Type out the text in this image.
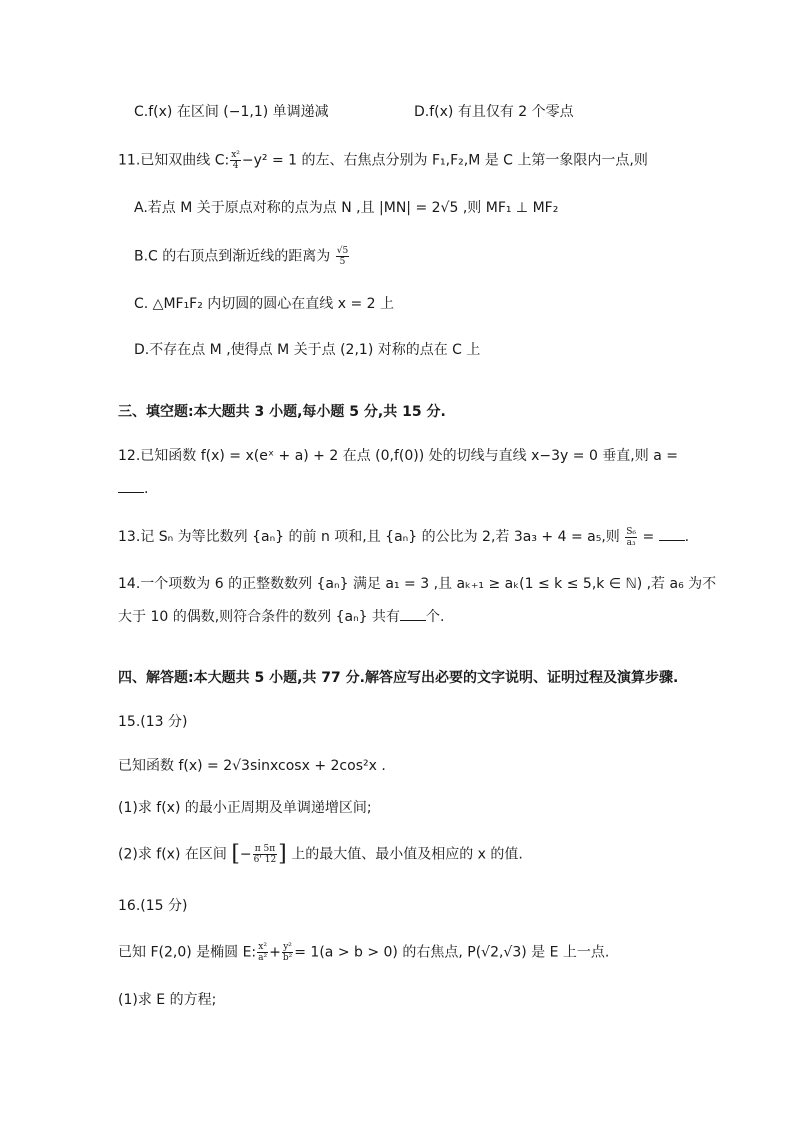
C.f(x) 在区间 (−1,1) 单调递减	D.f(x) 有且仅有 2 个零点
11.已知双曲线 C: $\frac{\text{x²}}{4} -y^2 = 1$ 的左、右焦点分别为 F₁,F₂,M 是 C 上第一象限内一点,则
A.若点 M 关于原点对称的点为点 N ,且 |MN| = 2√5 ,则 MF₁ ⊥ MF₂
B.C 的右顶点到渐近线的距离为 $\frac{√5}{5}$
C. △MF₁F₂ 内切圆的圆心在直线 x = 2 上
D.不存在点 M ,使得点 M 关于点 (2,1) 对称的点在 C 上
三、填空题:本大题共 3 小题,每小题 5 分,共 15 分.
12.已知函数 f(x) = x(eˣ + a) + 2 在点 (0,f(0)) 处的切线与直线 x−3y = 0 垂直,则 a =
.
13.记 Sₙ 为等比数列 {aₙ} 的前 n 项和,且 {aₙ} 的公比为 2,若 3a₃ + 4 = a₅,则 $\frac{\text{S₆}}{\text{a₃}}$ = .
14.一个项数为 6 的正整数数列 {aₙ} 满足 a₁ = 3 ,且 aₖ₊₁ ≥ aₖ(1 ≤ k ≤ 5,k ∈ ℕ) ,若 a₆ 为不
大于 10 的偶数,则符合条件的数列 {aₙ} 共有 个.
四、解答题:本大题共 5 小题,共 77 分.解答应写出必要的文字说明、证明过程及演算步骤.
15.(13 分)
已知函数 f(x) = 2√3sinxcosx + 2cos²x .
(1)求 f(x) 的最小正周期及单调递增区间;
(2)求 f(x) 在区间 [− $\frac{\pi 5\pi}{6' 12}$ ] 上的最大值、最小值及相应的 x 的值.
16.(15 分)
已知 F(2,0) 是椭圆 E: $\frac{\text{x²}}{\text{a²}} + \frac{\text{y²}}{\text{b²}} = 1(a > b > 0)$ 的右焦点, P(√2,√3) 是 E 上一点.
(1)求 E 的方程;
